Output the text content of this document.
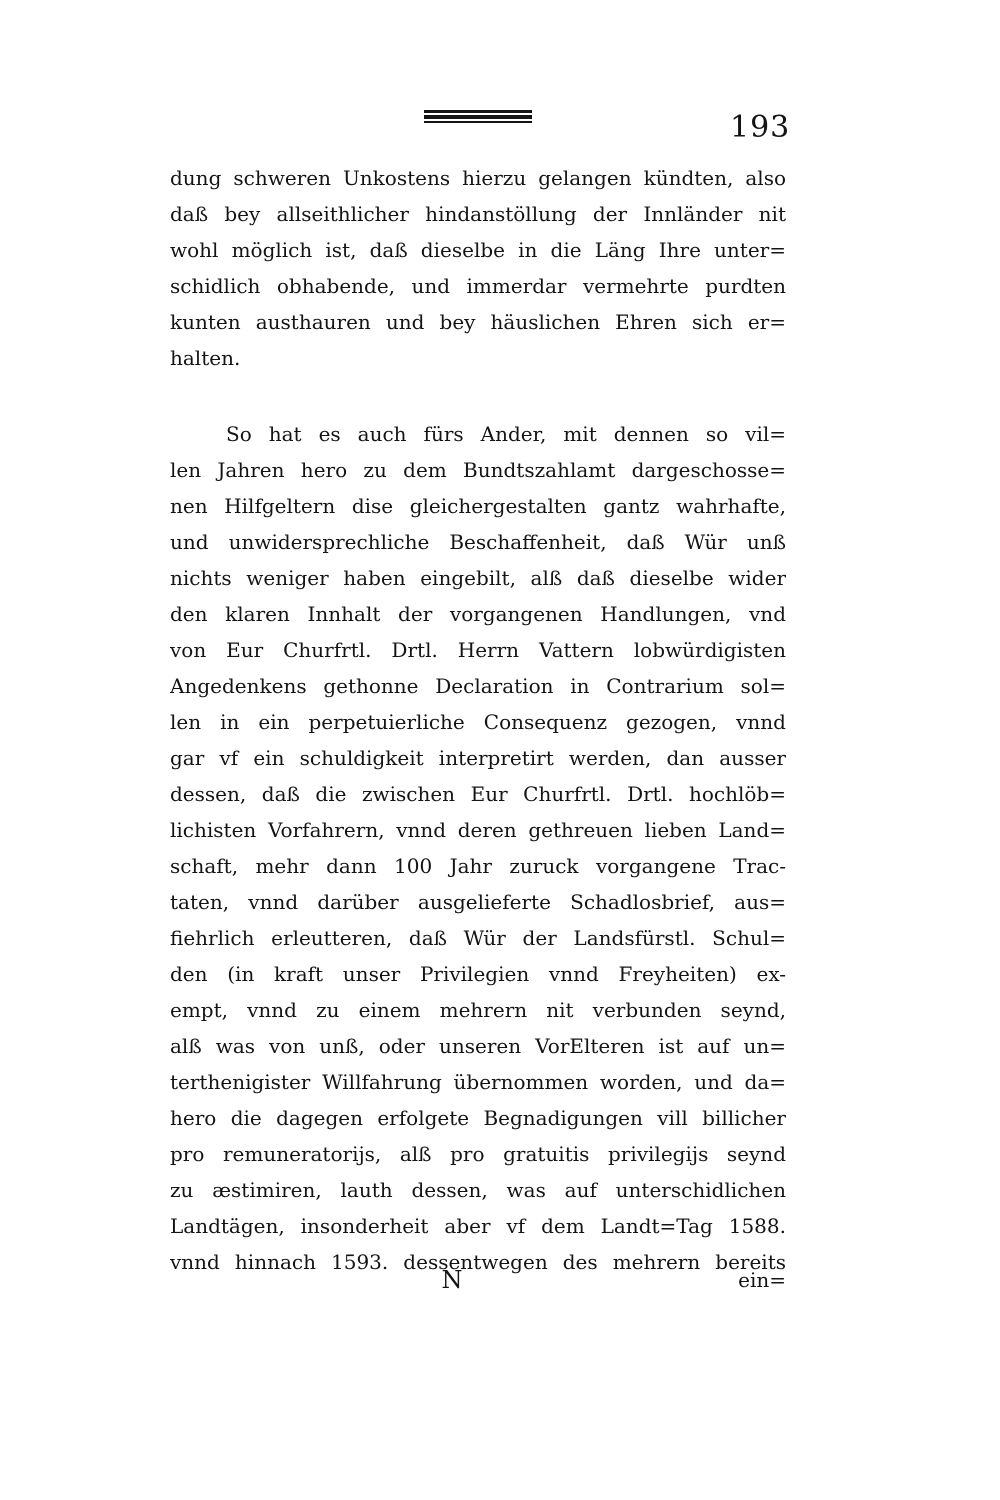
193
dung schweren Unkostens hierzu gelangen kündten, also
daß bey allseithlicher hindanstöllung der Innländer nit
wohl möglich ist, daß dieselbe in die Läng Ihre unter=
schidlich obhabende, und immerdar vermehrte purdten
kunten austhauren und bey häuslichen Ehren sich er=
halten.
So hat es auch fürs Ander, mit dennen so vil=
len Jahren hero zu dem Bundtszahlamt dargeschosse=
nen Hilfgeltern dise gleichergestalten gantz wahrhafte,
und unwidersprechliche Beschaffenheit, daß Wür unß
nichts weniger haben eingebilt, alß daß dieselbe wider
den klaren Innhalt der vorgangenen Handlungen, vnd
von Eur Churfrtl. Drtl. Herrn Vattern lobwürdigisten
Angedenkens gethonne Declaration in Contrarium sol=
len in ein perpetuierliche Consequenz gezogen, vnnd
gar vf ein schuldigkeit interpretirt werden, dan ausser
dessen, daß die zwischen Eur Churfrtl. Drtl. hochlöb=
lichisten Vorfahrern, vnnd deren gethreuen lieben Land=
schaft, mehr dann 100 Jahr zuruck vorgangene Trac-
taten, vnnd darüber ausgelieferte Schadlosbrief, aus=
fiehrlich erleutteren, daß Wür der Landsfürstl. Schul=
den (in kraft unser Privilegien vnnd Freyheiten) ex-
empt, vnnd zu einem mehrern nit verbunden seynd,
alß was von unß, oder unseren VorElteren ist auf un=
terthenigister Willfahrung übernommen worden, und da=
hero die dagegen erfolgete Begnadigungen vill billicher
pro remuneratorijs, alß pro gratuitis privilegijs seynd
zu æstimiren, lauth dessen, was auf unterschidlichen
Landtägen, insonderheit aber vf dem Landt=Tag 1588.
vnnd hinnach 1593. dessentwegen des mehrern bereits
N	ein=
